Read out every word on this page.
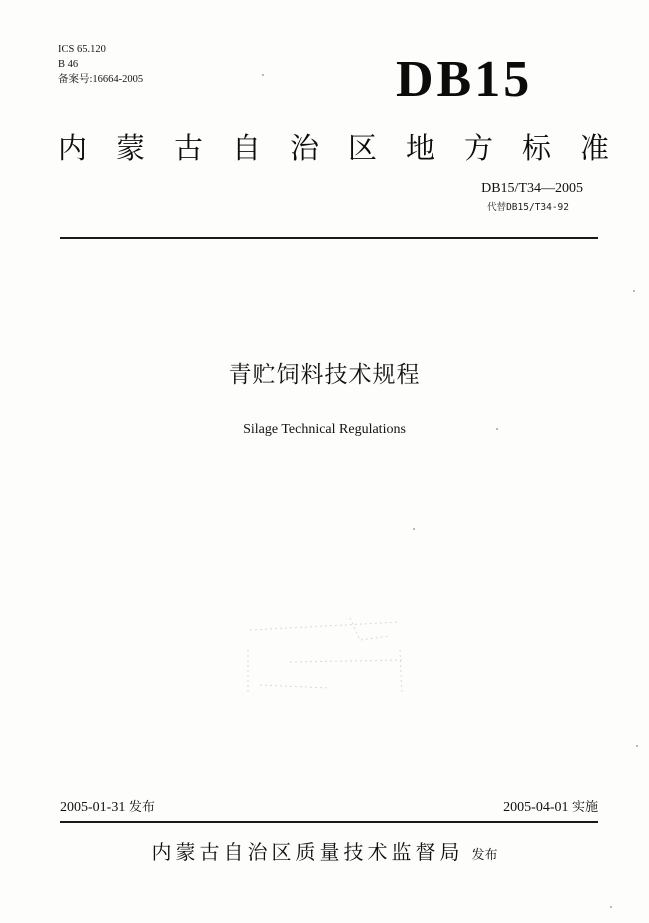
ICS 65.120
B 46
备案号:16664-2005	DB15
内蒙古自治区地方标准
DB15/T34—2005
代替DB15/T34-92
青贮饲料技术规程
Silage Technical Regulations
2005-01-31 发布	2005-04-01 实施
内蒙古自治区质量技术监督局 发布
